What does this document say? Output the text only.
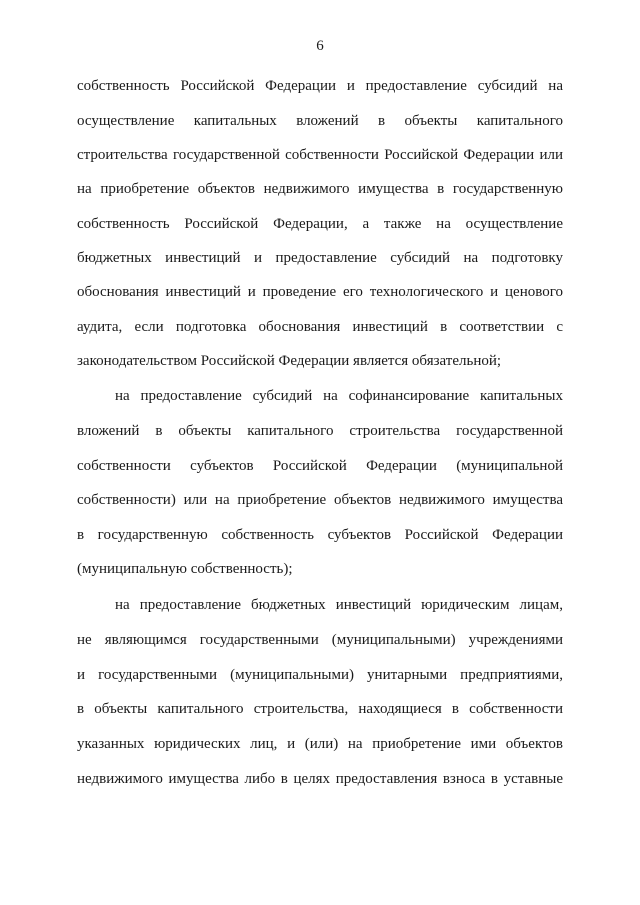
6
собственность Российской Федерации и предоставление субсидий на
осуществление капитальных вложений в объекты капитального
строительства государственной собственности Российской Федерации или
на приобретение объектов недвижимого имущества в государственную
собственность Российской Федерации, а также на осуществление
бюджетных инвестиций и предоставление субсидий на подготовку
обоснования инвестиций и проведение его технологического и ценового
аудита, если подготовка обоснования инвестиций в соответствии с
законодательством Российской Федерации является обязательной;
на предоставление субсидий на софинансирование капитальных
вложений в объекты капитального строительства государственной
собственности субъектов Российской Федерации (муниципальной
собственности) или на приобретение объектов недвижимого имущества
в государственную собственность субъектов Российской Федерации
(муниципальную собственность);
на предоставление бюджетных инвестиций юридическим лицам,
не являющимся государственными (муниципальными) учреждениями
и государственными (муниципальными) унитарными предприятиями,
в объекты капитального строительства, находящиеся в собственности
указанных юридических лиц, и (или) на приобретение ими объектов
недвижимого имущества либо в целях предоставления взноса в уставные
